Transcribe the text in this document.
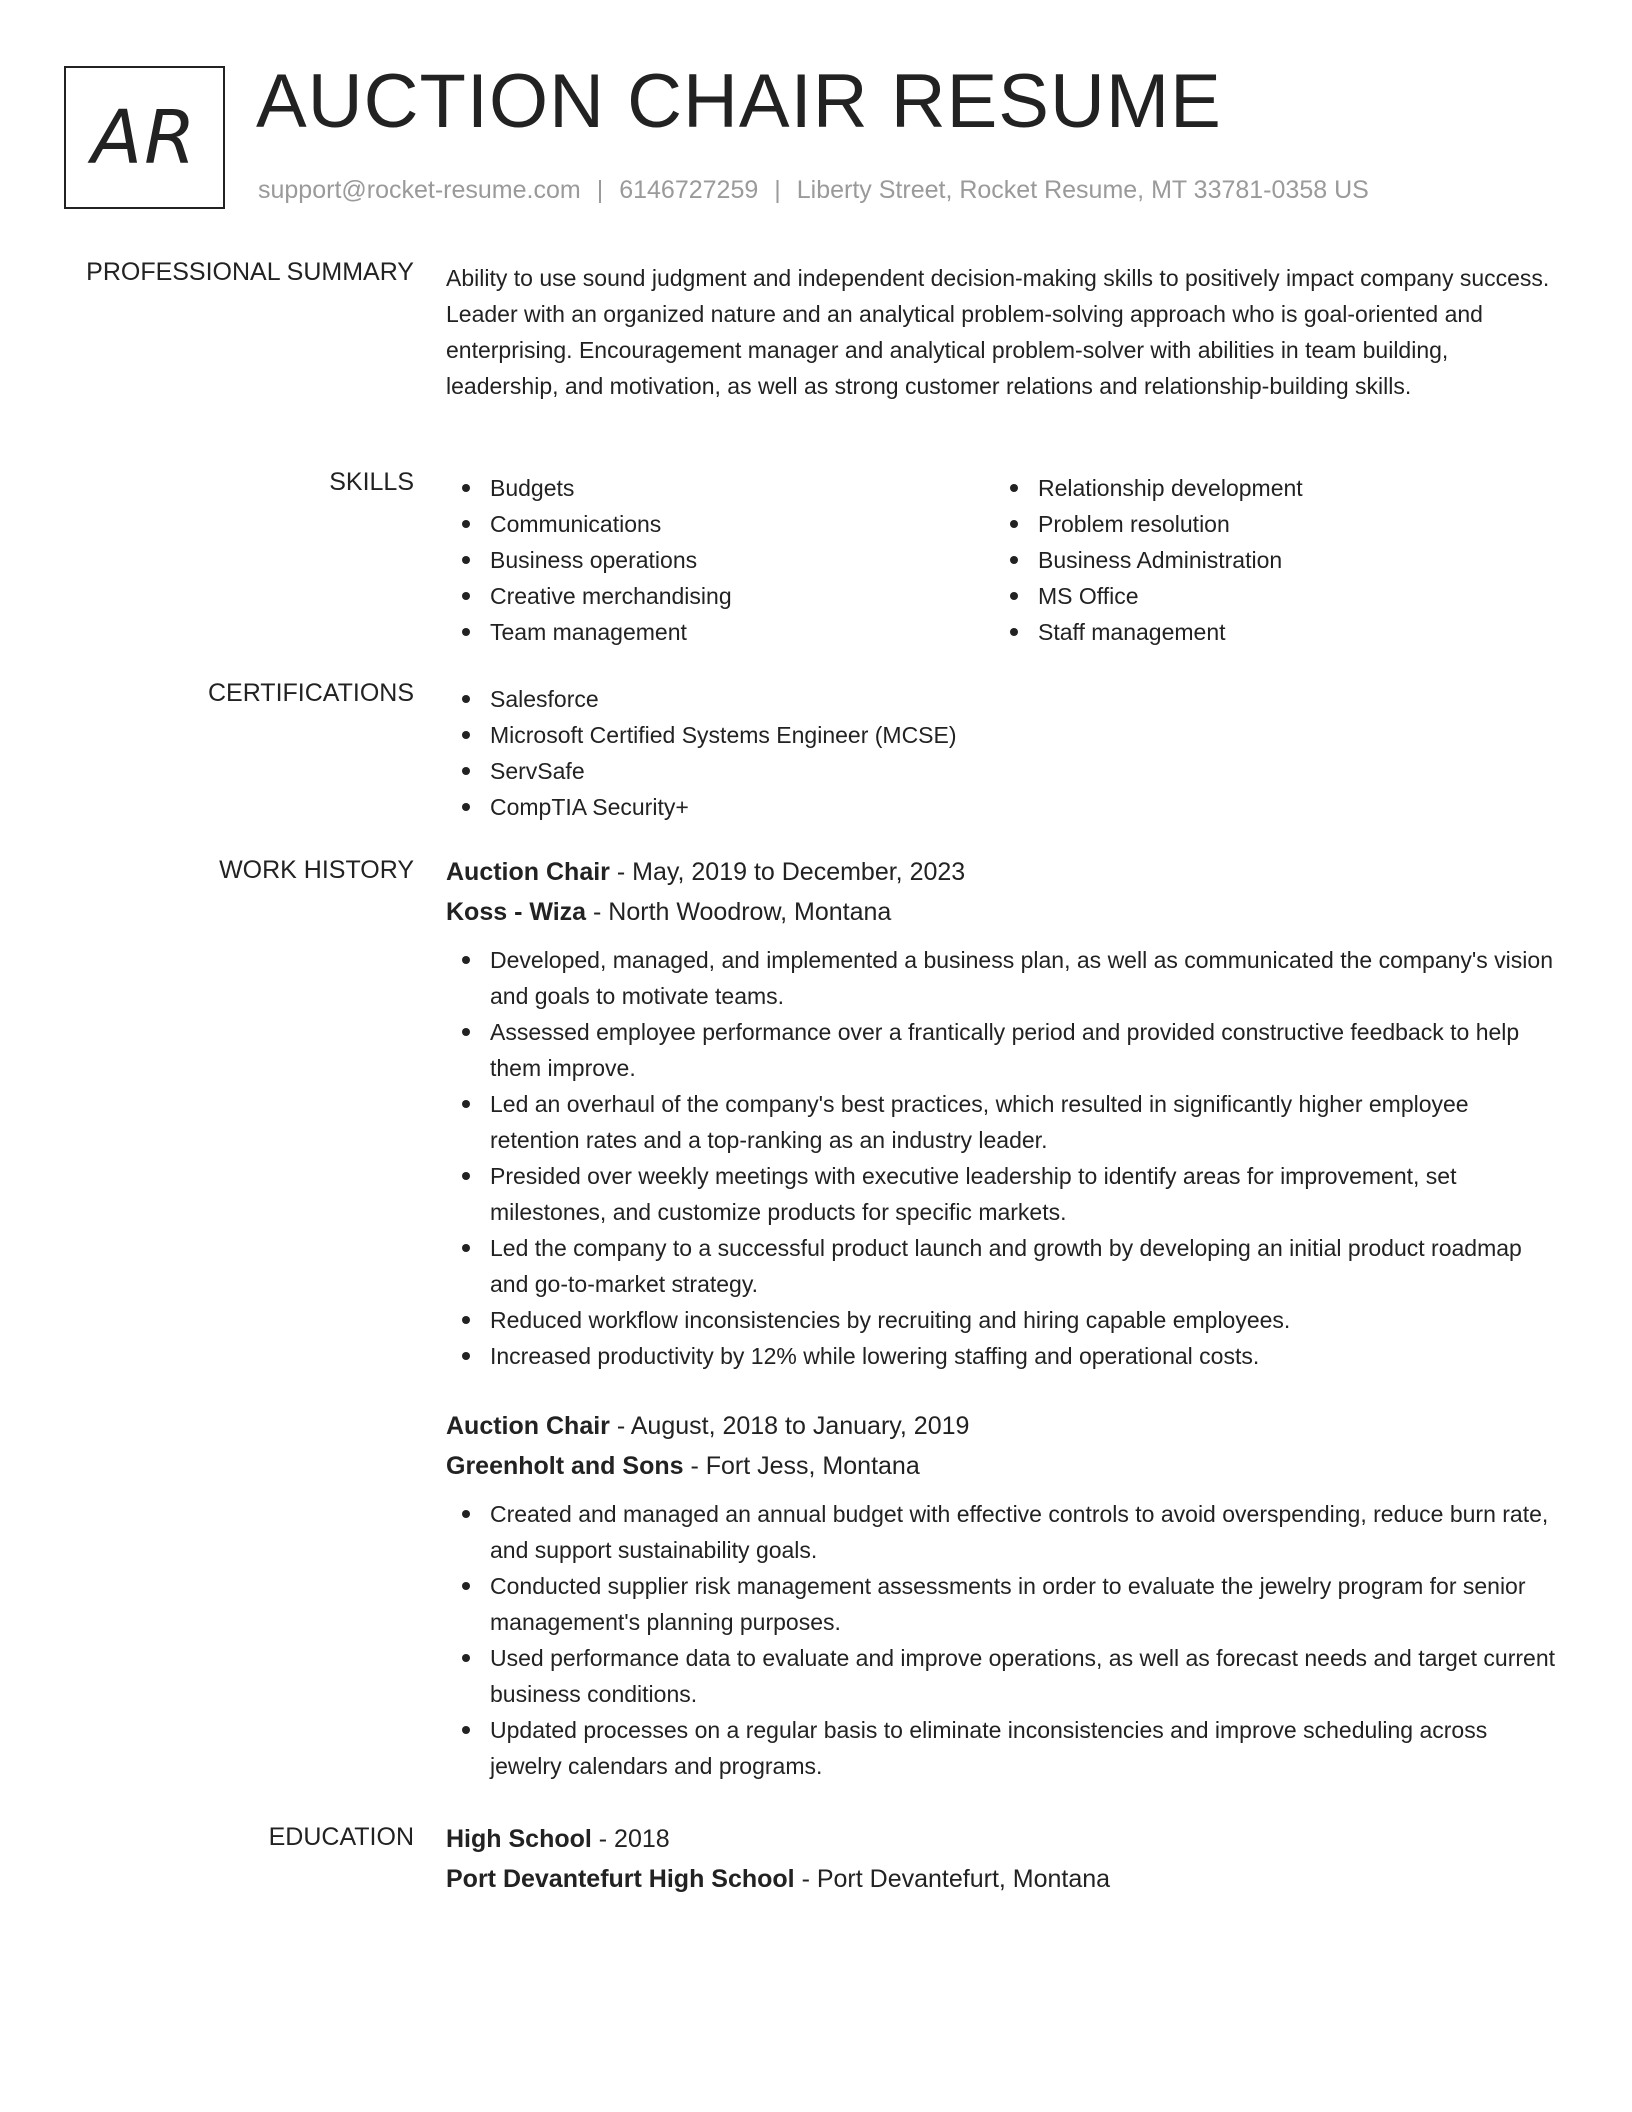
AR AUCTION CHAIR RESUME
support@rocket-resume.com | 6146727259 | Liberty Street, Rocket Resume, MT 33781-0358 US
PROFESSIONAL SUMMARY Ability to use sound judgment and independent decision-making skills to positively impact company success. Leader with an organized nature and an analytical problem-solving approach who is goal-oriented and enterprising. Encouragement manager and analytical problem-solver with abilities in team building, leadership, and motivation, as well as strong customer relations and relationship-building skills.

SKILLS	Budgets
Communications
Business operations
Creative merchandising
Team management
Relationship development
Problem resolution
Business Administration
MS Office
Staff management
CERTIFICATIONS	Salesforce
Microsoft Certified Systems Engineer (MCSE)
ServSafe
CompTIA Security+
WORK HISTORY Auction Chair - May, 2019 to December, 2023
Koss - Wiza - North Woodrow, Montana
Developed, managed, and implemented a business plan, as well as communicated the company's vision and goals to motivate teams.
Assessed employee performance over a frantically period and provided constructive feedback to help them improve.
Led an overhaul of the company's best practices, which resulted in significantly higher employee retention rates and a top-ranking as an industry leader.
Presided over weekly meetings with executive leadership to identify areas for improvement, set milestones, and customize products for specific markets.
Led the company to a successful product launch and growth by developing an initial product roadmap and go-to-market strategy.
Reduced workflow inconsistencies by recruiting and hiring capable employees.
Increased productivity by 12% while lowering staffing and operational costs.
Auction Chair - August, 2018 to January, 2019
Greenholt and Sons - Fort Jess, Montana
Created and managed an annual budget with effective controls to avoid overspending, reduce burn rate, and support sustainability goals.
Conducted supplier risk management assessments in order to evaluate the jewelry program for senior management's planning purposes.
Used performance data to evaluate and improve operations, as well as forecast needs and target current business conditions.
Updated processes on a regular basis to eliminate inconsistencies and improve scheduling across jewelry calendars and programs.
EDUCATION High School - 2018
Port Devantefurt High School - Port Devantefurt, Montana
